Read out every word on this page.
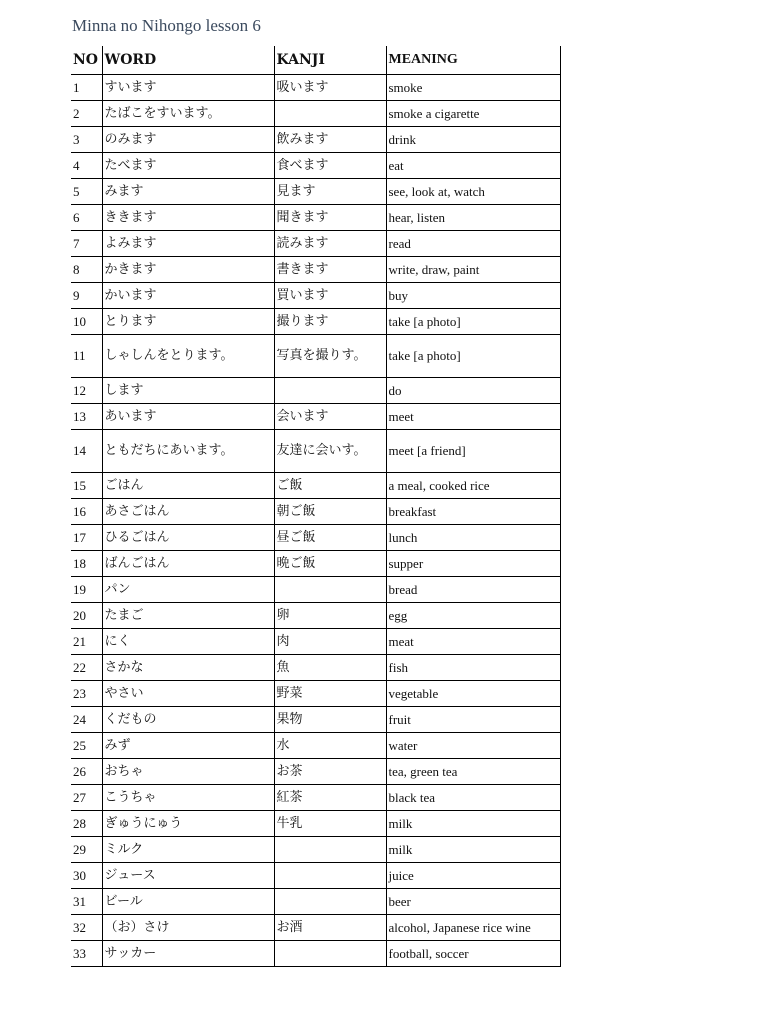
Minna no Nihongo lesson 6
NO	WORD	KANJI	MEANING
1	すいます	吸います	smoke
2	たばこをすいます。		smoke a cigarette
3	のみます	飲みます	drink
4	たべます	食べます	eat
5	みます	見ます	see, look at, watch
6	ききます	聞きます	hear, listen
7	よみます	読みます	read
8	かきます	書きます	write, draw, paint
9	かいます	買います	buy
10	とります	撮ります	take [a photo]
11	しゃしんをとります。	写真を撮りす。	take [a photo]
12	します		do
13	あいます	会います	meet
14	ともだちにあいます。	友達に会いす。	meet [a friend]
15	ごはん	ご飯	a meal, cooked rice
16	あさごはん	朝ご飯	breakfast
17	ひるごはん	昼ご飯	lunch
18	ばんごはん	晩ご飯	supper
19	パン		bread
20	たまご	卵	egg
21	にく	肉	meat
22	さかな	魚	fish
23	やさい	野菜	vegetable
24	くだもの	果物	fruit
25	みず	水	water
26	おちゃ	お茶	tea, green tea
27	こうちゃ	紅茶	black tea
28	ぎゅうにゅう	牛乳	milk
29	ミルク		milk
30	ジュース		juice
31	ビール		beer
32	（お）さけ	お酒	alcohol, Japanese rice wine
33	サッカー		football, soccer
